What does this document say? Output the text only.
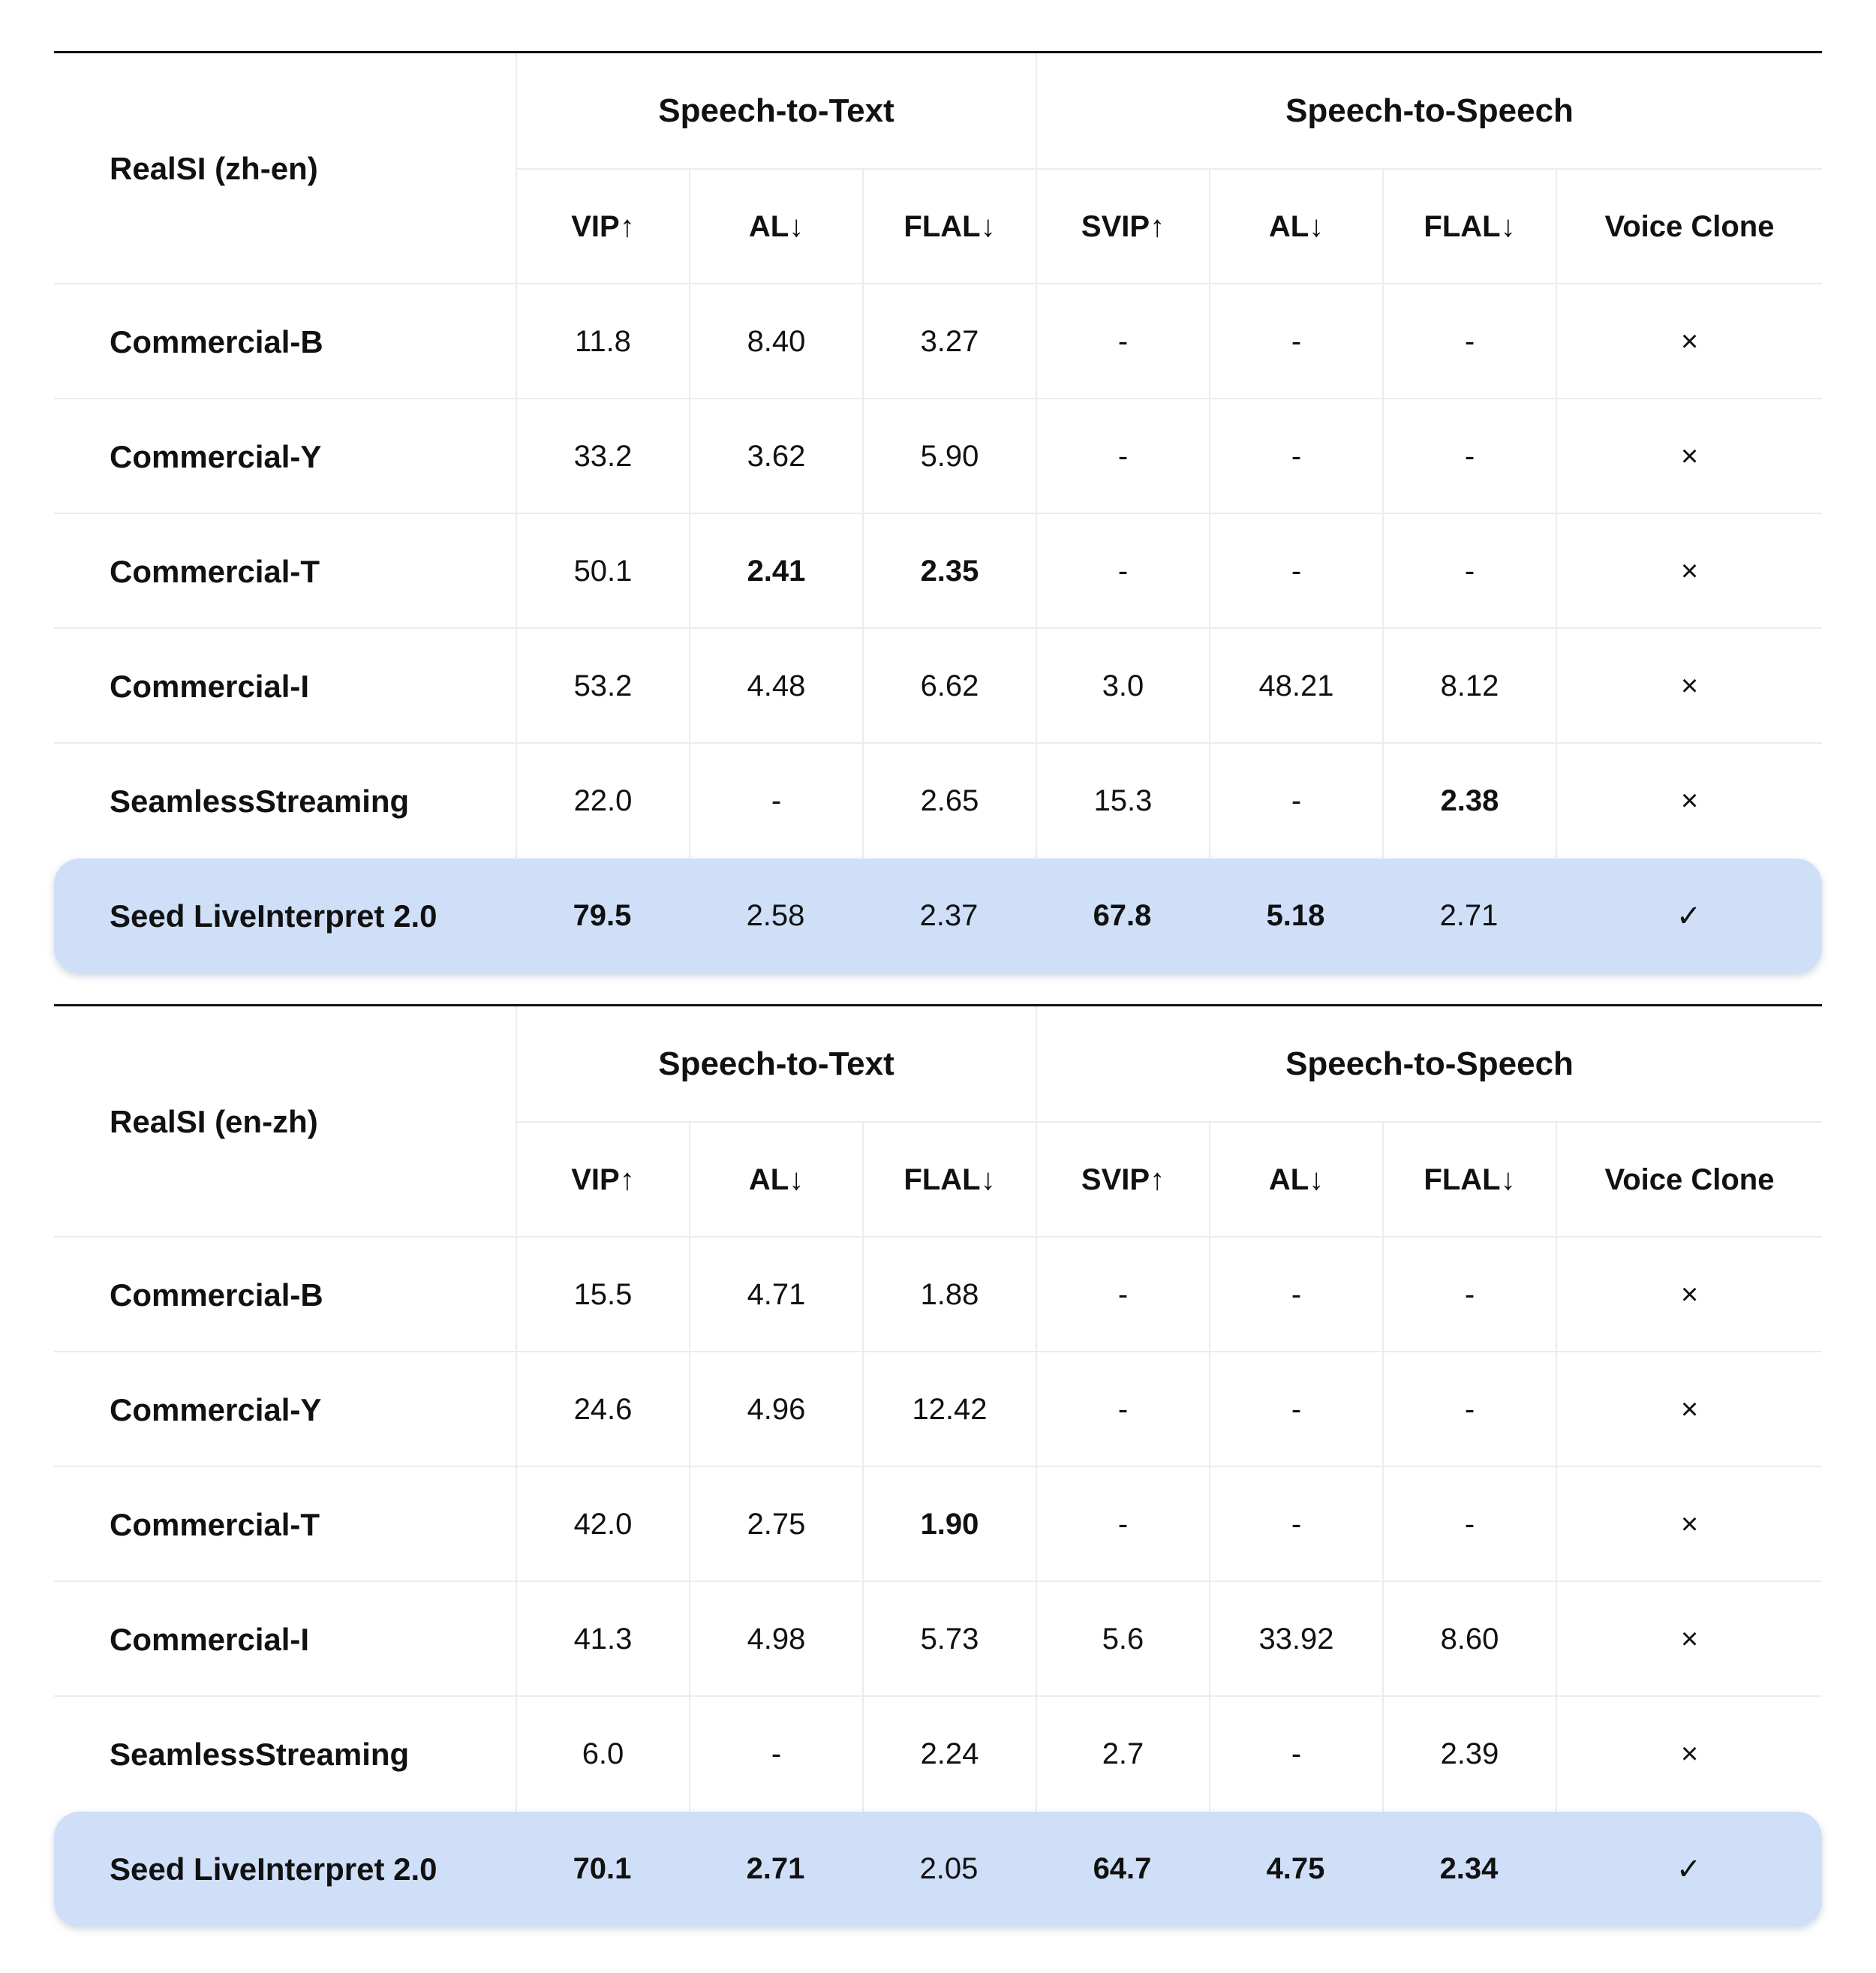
RealSI (zh-en)
Speech-to-Text	Speech-to-Speech
VIP↑	AL↓	FLAL↓	SVIP↑	AL↓	FLAL↓	Voice Clone
Commercial-B	11.8	8.40	3.27	-	-	-	×
Commercial-Y	33.2	3.62	5.90	-	-	-	×
Commercial-T	50.1	2.41	2.35	-	-	-	×
Commercial-I	53.2	4.48	6.62	3.0	48.21	8.12	×
SeamlessStreaming	22.0	-	2.65	15.3	-	2.38	×
Seed LiveInterpret 2.0	79.5	2.58	2.37	67.8	5.18	2.71	✓
RealSI (en-zh)
Speech-to-Text	Speech-to-Speech
VIP↑	AL↓	FLAL↓	SVIP↑	AL↓	FLAL↓	Voice Clone
Commercial-B	15.5	4.71	1.88	-	-	-	×
Commercial-Y	24.6	4.96	12.42	-	-	-	×
Commercial-T	42.0	2.75	1.90	-	-	-	×
Commercial-I	41.3	4.98	5.73	5.6	33.92	8.60	×
SeamlessStreaming	6.0	-	2.24	2.7	-	2.39	×
Seed LiveInterpret 2.0	70.1	2.71	2.05	64.7	4.75	2.34	✓
